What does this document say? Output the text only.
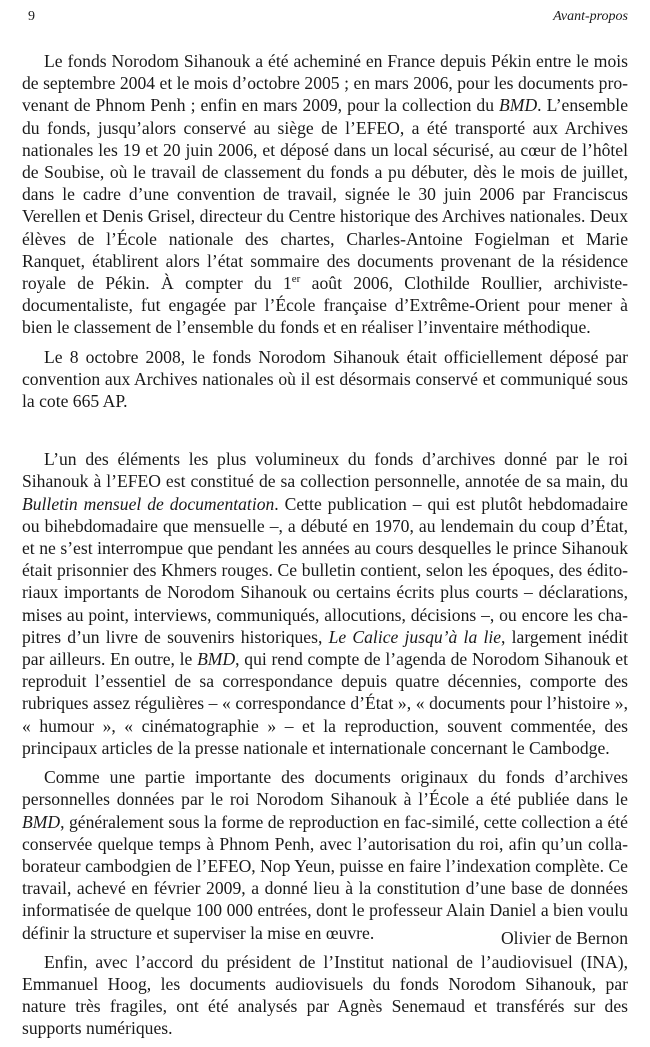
9	Avant-propos

Le fonds Norodom Sihanouk a été acheminé en France depuis Pékin entre le mois de septembre 2004 et le mois d’octobre 2005 ; en mars 2006, pour les documents provenant de Phnom Penh ; enfin en mars 2009, pour la collection du BMD. L’ensemble du fonds, jusqu’alors conservé au siège de l’EFEO, a été transporté aux Archives nationales les 19 et 20 juin 2006, et déposé dans un local sécurisé, au cœur de l’hôtel de Soubise, où le travail de classement du fonds a pu débuter, dès le mois de juillet, dans le cadre d’une convention de travail, signée le 30 juin 2006 par Franciscus Verellen et Denis Grisel, directeur du Centre historique des Archives nationales. Deux élèves de l’École nationale des chartes, Charles-Antoine Fogielman et Marie Ranquet, établirent alors l’état sommaire des documents provenant de la résidence royale de Pékin. À compter du 1er août 2006, Clothilde Roullier, archiviste-documentaliste, fut engagée par l’École française d’Extrême-Orient pour mener à bien le classement de l’ensemble du fonds et en réaliser l’inventaire méthodique.

Le 8 octobre 2008, le fonds Norodom Sihanouk était officiellement déposé par convention aux Archives nationales où il est désormais conservé et communiqué sous la cote 665 AP.

L’un des éléments les plus volumineux du fonds d’archives donné par le roi Sihanouk à l’EFEO est constitué de sa collection personnelle, annotée de sa main, du Bulletin mensuel de documentation. Cette publication – qui est plutôt hebdomadaire ou bihebdomadaire que mensuelle –, a débuté en 1970, au lendemain du coup d’État, et ne s’est interrompue que pendant les années au cours desquelles le prince Sihanouk était prisonnier des Khmers rouges. Ce bulletin contient, selon les époques, des éditoriaux importants de Norodom Sihanouk ou certains écrits plus courts – déclarations, mises au point, interviews, communiqués, allocutions, décisions –, ou encore les chapitres d’un livre de souvenirs historiques, Le Calice jusqu’à la lie, largement inédit par ailleurs. En outre, le BMD, qui rend compte de l’agenda de Norodom Sihanouk et reproduit l’essentiel de sa correspondance depuis quatre décennies, comporte des rubriques assez régulières – « correspondance d’État », « documents pour l’histoire », « humour », « cinématographie » – et la reproduction, souvent commentée, des principaux articles de la presse nationale et internationale concernant le Cambodge.

Comme une partie importante des documents originaux du fonds d’archives personnelles données par le roi Norodom Sihanouk à l’École a été publiée dans le BMD, généralement sous la forme de reproduction en fac-similé, cette collection a été conservée quelque temps à Phnom Penh, avec l’autorisation du roi, afin qu’un collaborateur cambodgien de l’EFEO, Nop Yeun, puisse en faire l’indexation complète. Ce travail, achevé en février 2009, a donné lieu à la constitution d’une base de données informatisée de quelque 100 000 entrées, dont le professeur Alain Daniel a bien voulu définir la structure et superviser la mise en œuvre.

Enfin, avec l’accord du président de l’Institut national de l’audiovisuel (INA), Emmanuel Hoog, les documents audiovisuels du fonds Norodom Sihanouk, par nature très fragiles, ont été analysés par Agnès Senemaud et transférés sur des supports numériques.

Olivier de Bernon
